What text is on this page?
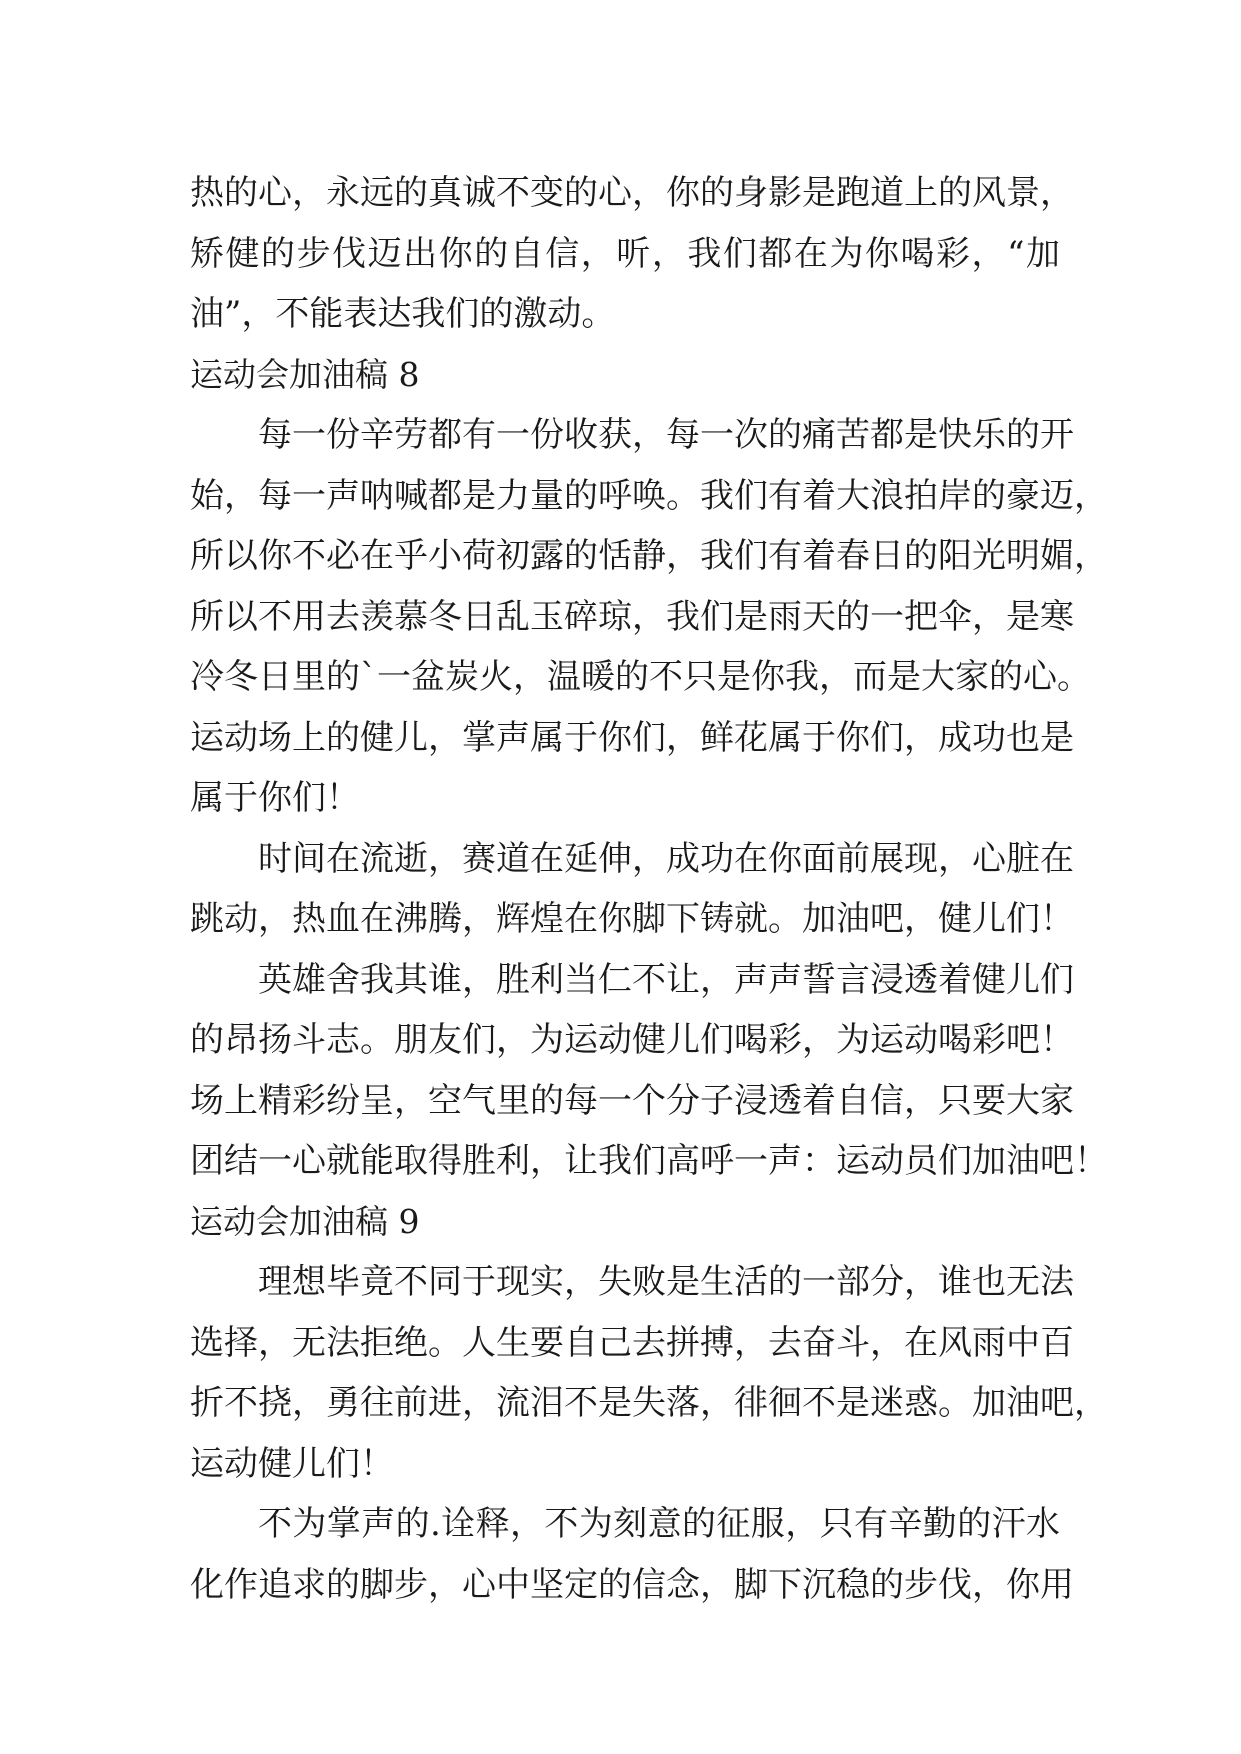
热的心，永远的真诚不变的心，你的身影是跑道上的风景，
矫健的步伐迈出你的自信，听，我们都在为你喝彩，“加
油”，不能表达我们的激动。
运动会加油稿 8
每一份辛劳都有一份收获，每一次的痛苦都是快乐的开
始，每一声呐喊都是力量的呼唤。我们有着大浪拍岸的豪迈，
所以你不必在乎小荷初露的恬静，我们有着春日的阳光明媚，
所以不用去羡慕冬日乱玉碎琼，我们是雨天的一把伞，是寒
冷冬日里的`一盆炭火，温暖的不只是你我，而是大家的心。
运动场上的健儿，掌声属于你们，鲜花属于你们，成功也是
属于你们！
时间在流逝，赛道在延伸，成功在你面前展现，心脏在
跳动，热血在沸腾，辉煌在你脚下铸就。加油吧，健儿们！
英雄舍我其谁，胜利当仁不让，声声誓言浸透着健儿们
的昂扬斗志。朋友们，为运动健儿们喝彩，为运动喝彩吧！
场上精彩纷呈，空气里的每一个分子浸透着自信，只要大家
团结一心就能取得胜利，让我们高呼一声：运动员们加油吧！
运动会加油稿 9
理想毕竟不同于现实，失败是生活的一部分，谁也无法
选择，无法拒绝。人生要自己去拼搏，去奋斗，在风雨中百
折不挠，勇往前进，流泪不是失落，徘徊不是迷惑。加油吧，
运动健儿们！
不为掌声的.诠释，不为刻意的征服，只有辛勤的汗水
化作追求的脚步，心中坚定的信念，脚下沉稳的步伐，你用
